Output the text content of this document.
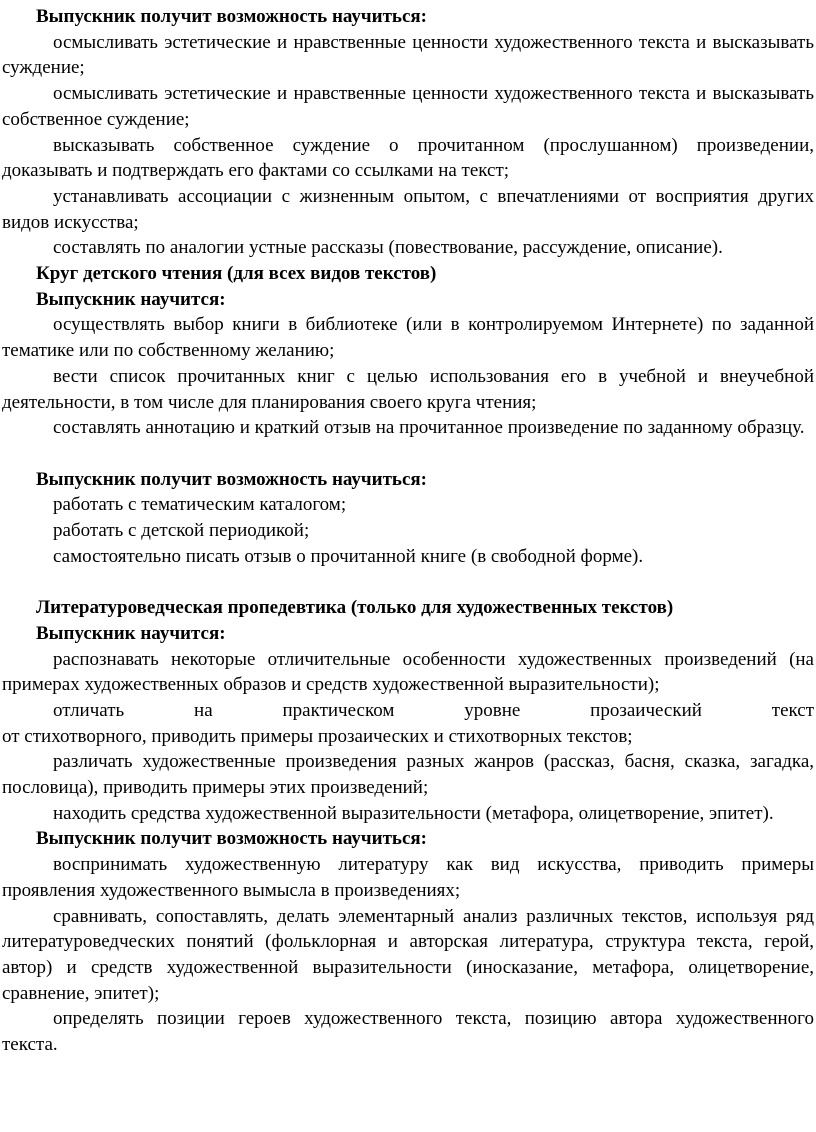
Выпускник получит возможность научиться:

осмысливать эстетические и нравственные ценности художественного текста и высказывать суждение;

осмысливать эстетические и нравственные ценности художественного текста и высказывать собственное суждение;

высказывать собственное суждение о прочитанном (прослушанном) произведении, доказывать и подтверждать его фактами со ссылками на текст;

устанавливать ассоциации с жизненным опытом, с впечатлениями от восприятия других видов искусства;

составлять по аналогии устные рассказы (повествование, рассуждение, описание).

Круг детского чтения (для всех видов текстов)

Выпускник научится:

осуществлять выбор книги в библиотеке (или в контролируемом Интернете) по заданной тематике или по собственному желанию;

вести список прочитанных книг с целью использования его в учебной и внеучебной деятельности, в том числе для планирования своего круга чтения;

составлять аннотацию и краткий отзыв на прочитанное произведение по заданному образцу.

Выпускник получит возможность научиться:

работать с тематическим каталогом;

работать с детской периодикой;

самостоятельно писать отзыв о прочитанной книге (в свободной форме).

Литературоведческая пропедевтика (только для художественных текстов)

Выпускник научится:

распознавать некоторые отличительные особенности художественных произведений (на примерах художественных образов и средств художественной выразительности);

отличать на практическом уровне прозаический текст

от стихотворного, приводить примеры прозаических и стихотворных текстов;

различать художественные произведения разных жанров (рассказ, басня, сказка, загадка, пословица), приводить примеры этих произведений;

находить средства художественной выразительности (метафора, олицетворение, эпитет).

Выпускник получит возможность научиться:

воспринимать художественную литературу как вид искусства, приводить примеры проявления художественного вымысла в произведениях;

сравнивать, сопоставлять, делать элементарный анализ различных текстов, используя ряд литературоведческих понятий (фольклорная и авторская литература, структура текста, герой, автор) и средств художественной выразительности (иносказание, метафора, олицетворение, сравнение, эпитет);

определять позиции героев художественного текста, позицию автора художественного текста.
